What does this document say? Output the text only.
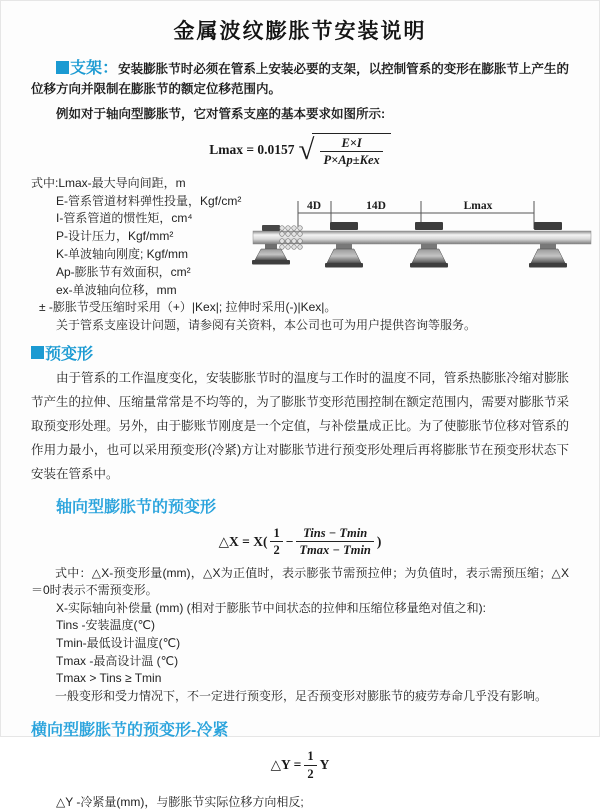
金属波纹膨胀节安装说明

支架：安装膨胀节时必须在管系上安装必要的支架，以控制管系的变形在膨胀节上产生的位移方向并限制在膨胀节的额定位移范围内。

例如对于轴向型膨胀节，它对管系支座的基本要求如图所示:

Lmax = 0.0157 √ $\frac{E\times I}{\text{P×Ap±Kex}}$
式中:Lmax-最大导向间距，m
E-管系管道材料弹性投量，Kgf/cm²
I-管系管道的惯性矩，cm⁴
P-设计压力，Kgf/mm²
K-单波轴向刚度; Kgf/mm
Ap-膨胀节有效面积，cm²
ex-单波轴向位移，mm
± -膨胀节受压缩时采用（+）|Kex|; 拉伸时采用(-)|Kex|。
关于管系支座设计问题，请参阅有关资料，本公司也可为用户提供咨询等服务。
4D	14D	Lmax
预变形

由于管系的工作温度变化，安装膨胀节时的温度与工作时的温度不同，管系热膨胀冷缩对膨胀节产生的拉伸、压缩量常常是不均等的，为了膨胀节变形范围控制在额定范围内，需要对膨胀节采取预变形处理。另外，由于膨账节刚度是一个定值，与补偿量成正比。为了使膨胀节位移对管系的作用力最小，也可以采用预变形(冷紧)方让对膨胀节进行预变形处理后再将膨胀节在预变形状态下安装在管系中。

轴向型膨胀节的预变形
△X = $X( \frac{1}{2} - \frac{\text{Tins − Tmin}}{Tmax - Tmin}$ )
式中：△X-预变形量(mm)，△X为正值时，表示膨张节需预拉伸；为负值时，表示需预压缩；△X＝0时表示不需预变形。
X-实际轴向补偿量 (mm) (相对于膨胀节中间状态的拉伸和压缩位移量绝对值之和):
Tins -安装温度(℃)
Tmin-最低设计温度(℃)
Tmax -最高设计温 (℃)
Tmax > Tins ≥ Tmin
一般变形和受力情况下，不一定进行预变形，足否预变形对膨胀节的疲劳寿命几乎没有影响。
横向型膨胀节的预变形-冷紧
△Y = $\frac{1}{2}$ Y
△Y -冷紧量(mm)，与膨胀节实际位移方向相反;
